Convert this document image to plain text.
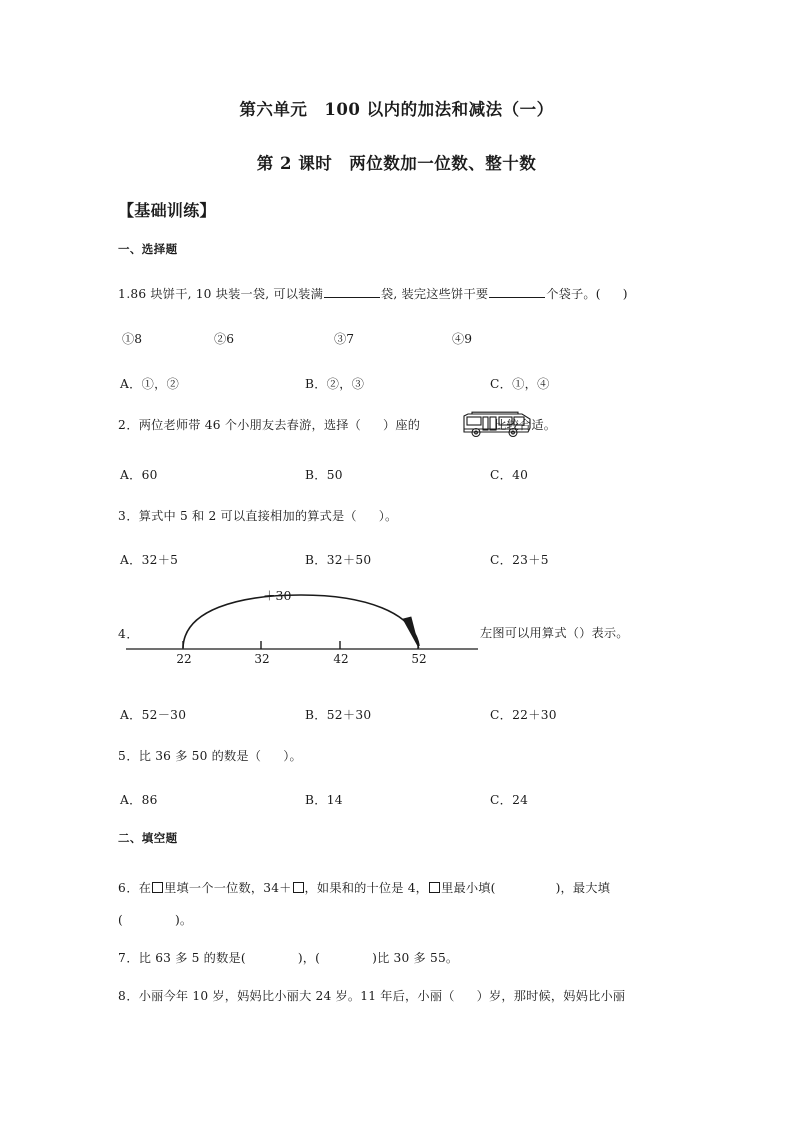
第六单元　100 以内的加法和减法（一）
第 2 课时　两位数加一位数、整十数
【基础训练】
一、选择题
1.86 块饼干, 10 块装一袋, 可以装满	袋, 装完这些饼干要	个袋子。( )
①8	②6	③7	④9
A．①，②	B．②，③	C．①，④
2．两位老师带 46 个小朋友去春游，选择（ ）座的	比较合适。
A．60	B．50	C．40
3．算式中 5 和 2 可以直接相加的算式是（ ）。
A．32＋5	B．32＋50	C．23＋5
4．
＋30
22	32	42	52
左图可以用算式（）表示。
A．52－30	B．52＋30	C．22＋30
5．比 36 多 50 的数是（ ）。
A．86	B．14	C．24
二、填空题
6．在 里填一个一位数，34＋ ，如果和的十位是 4， 里最小填(	)，最大填
(	)。
7．比 63 多 5 的数是(	)，(	)比 30 多 55。
8．小丽今年 10 岁，妈妈比小丽大 24 岁。11 年后，小丽（ ）岁，那时候，妈妈比小丽
